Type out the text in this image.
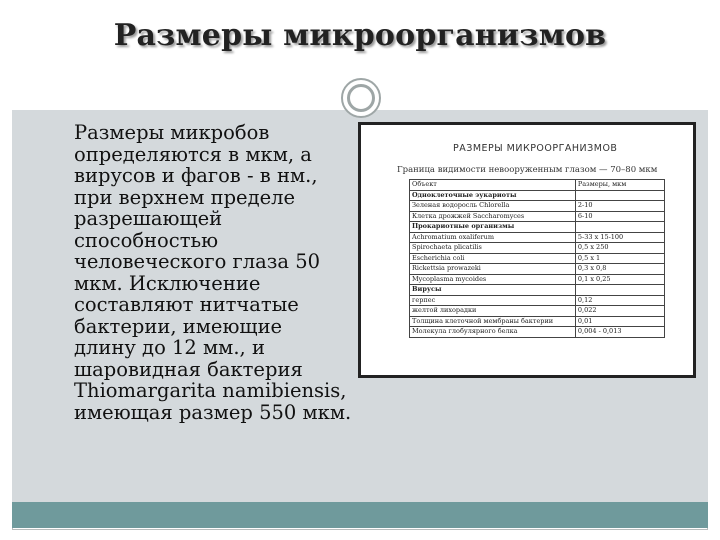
Размеры микроорганизмов
Размеры микробов
определяются в мкм, а
вирусов и фагов - в нм.,
при верхнем пределе
разрешающей
способностью
человеческого глаза 50
мкм. Исключение
составляют нитчатые
бактерии, имеющие
длину до 12 мм., и
шаровидная бактерия
Thiomargarita namibiensis,
имеющая размер 550 мкм.
РАЗМЕРЫ МИКРООРГАНИЗМОВ
Граница видимости невооруженным глазом — 70–80 мкм
Объект	Размеры, мкм
Одноклеточные эукариоты	
Зеленая водоросль Chlorella	2-10
Клетка дрожжей Saccharomyces	6-10
Прокариотные организмы	
Achromatium oxaliferum	5-33 x 15-100
Spirochaeta plicatilis	0,5 x 250
Escherichia coli	0,5 x 1
Rickettsia prowazeki	0,3 x 0,8
Mycoplasma mycoides	0,1 x 0,25
Вирусы	
герпес	0,12
желтой лихорадки	0,022
Толщина клеточной мембраны бактерии	0,01
Молекула глобулярного белка	0,004 - 0,013
